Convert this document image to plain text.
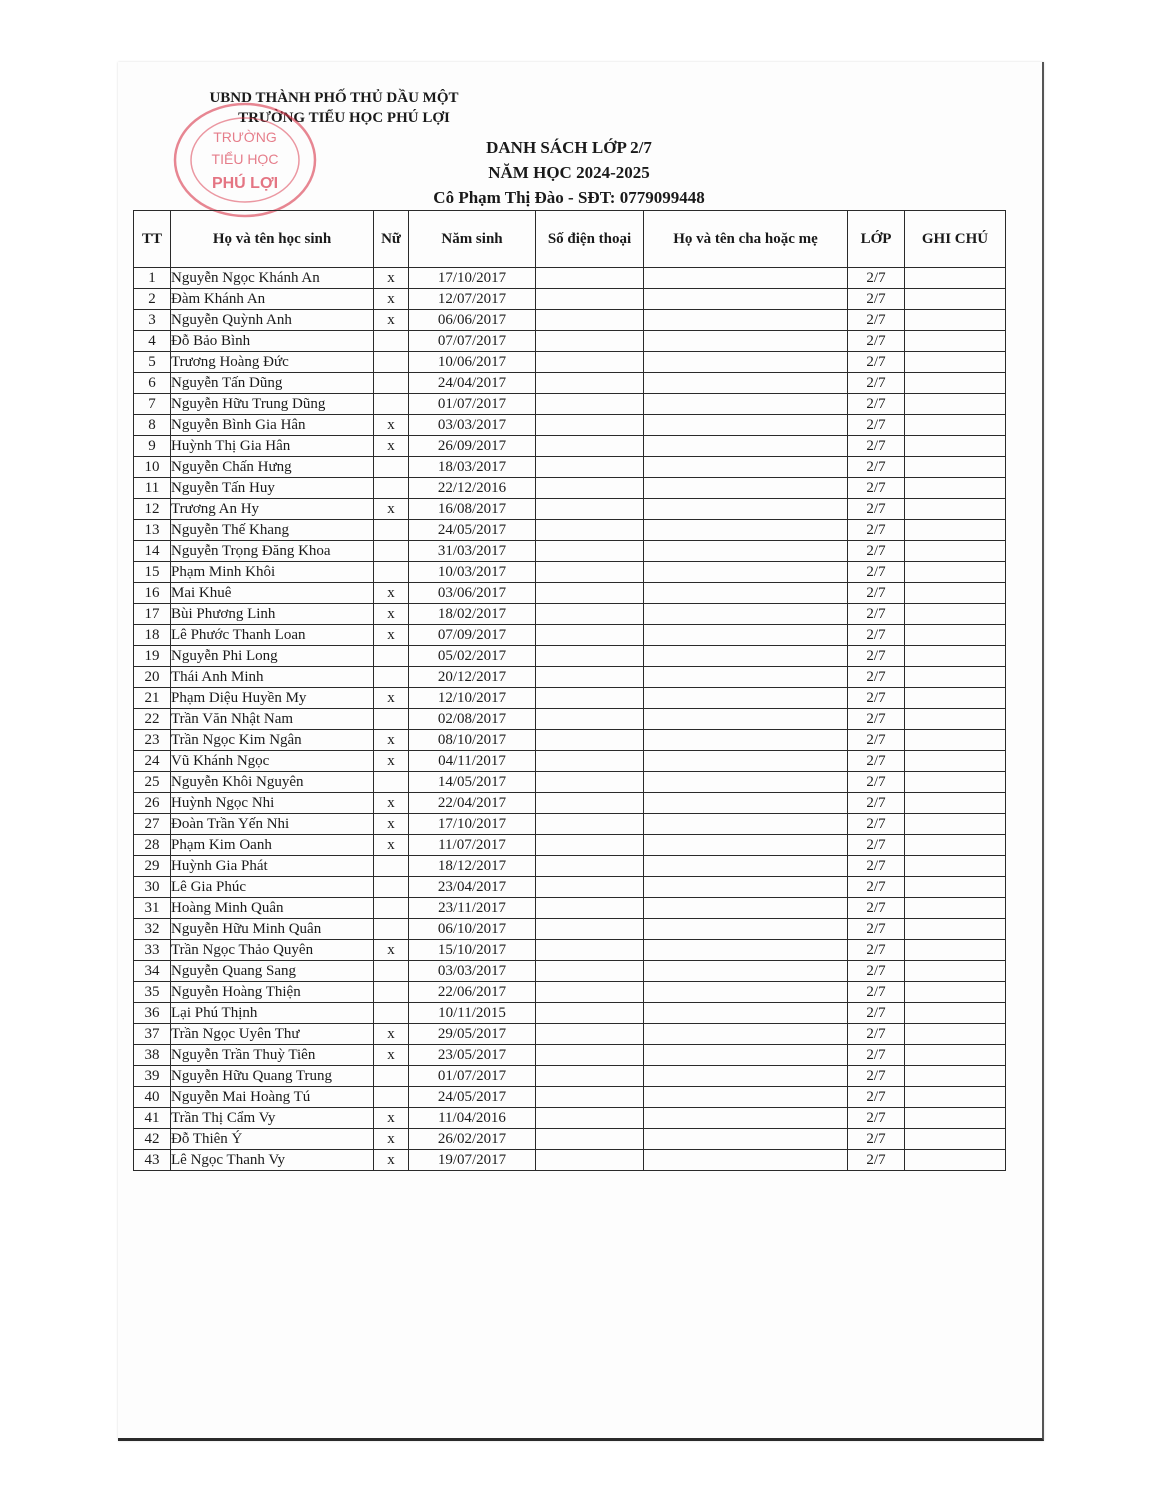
UBND THÀNH PHỐ THỦ DẦU MỘT
TRƯỜNG TIỂU HỌC PHÚ LỢI
TRƯỜNG
TIỂU HỌC
PHÚ LỢI
DANH SÁCH LỚP 2/7
NĂM HỌC 2024-2025
Cô Phạm Thị Đào - SĐT: 0779099448
TT	Họ và tên học sinh	Nữ	Năm sinh	Số điện thoại	Họ và tên cha hoặc mẹ	LỚP	GHI CHÚ
1	Nguyễn Ngọc Khánh An	x	17/10/2017			2/7	
2	Đàm Khánh An	x	12/07/2017			2/7	
3	Nguyễn Quỳnh Anh	x	06/06/2017			2/7	
4	Đỗ Bảo Bình		07/07/2017			2/7	
5	Trương Hoàng Đức		10/06/2017			2/7	
6	Nguyễn Tấn Dũng		24/04/2017			2/7	
7	Nguyễn Hữu Trung Dũng		01/07/2017			2/7	
8	Nguyễn Bình Gia Hân	x	03/03/2017			2/7	
9	Huỳnh Thị Gia Hân	x	26/09/2017			2/7	
10	Nguyễn Chấn Hưng		18/03/2017			2/7	
11	Nguyễn Tấn Huy		22/12/2016			2/7	
12	Trương An Hy	x	16/08/2017			2/7	
13	Nguyễn Thế Khang		24/05/2017			2/7	
14	Nguyễn Trọng Đăng Khoa		31/03/2017			2/7	
15	Phạm Minh Khôi		10/03/2017			2/7	
16	Mai Khuê	x	03/06/2017			2/7	
17	Bùi Phương Linh	x	18/02/2017			2/7	
18	Lê Phước Thanh Loan	x	07/09/2017			2/7	
19	Nguyễn Phi Long		05/02/2017			2/7	
20	Thái Anh Minh		20/12/2017			2/7	
21	Phạm Diệu Huyền My	x	12/10/2017			2/7	
22	Trần Văn Nhật Nam		02/08/2017			2/7	
23	Trần Ngọc Kim Ngân	x	08/10/2017			2/7	
24	Vũ Khánh Ngọc	x	04/11/2017			2/7	
25	Nguyễn Khôi Nguyên		14/05/2017			2/7	
26	Huỳnh Ngọc Nhi	x	22/04/2017			2/7	
27	Đoàn Trần Yến Nhi	x	17/10/2017			2/7	
28	Phạm Kim Oanh	x	11/07/2017			2/7	
29	Huỳnh Gia Phát		18/12/2017			2/7	
30	Lê Gia Phúc		23/04/2017			2/7	
31	Hoàng Minh Quân		23/11/2017			2/7	
32	Nguyễn Hữu Minh Quân		06/10/2017			2/7	
33	Trần Ngọc Thảo Quyên	x	15/10/2017			2/7	
34	Nguyễn Quang Sang		03/03/2017			2/7	
35	Nguyễn Hoàng Thiện		22/06/2017			2/7	
36	Lại Phú Thịnh		10/11/2015			2/7	
37	Trần Ngọc Uyên Thư	x	29/05/2017			2/7	
38	Nguyễn Trần Thuỳ Tiên	x	23/05/2017			2/7	
39	Nguyễn Hữu Quang Trung		01/07/2017			2/7	
40	Nguyễn Mai Hoàng Tú		24/05/2017			2/7	
41	Trần Thị Cẩm Vy	x	11/04/2016			2/7	
42	Đỗ Thiên Ý	x	26/02/2017			2/7	
43	Lê Ngọc Thanh Vy	x	19/07/2017			2/7	
